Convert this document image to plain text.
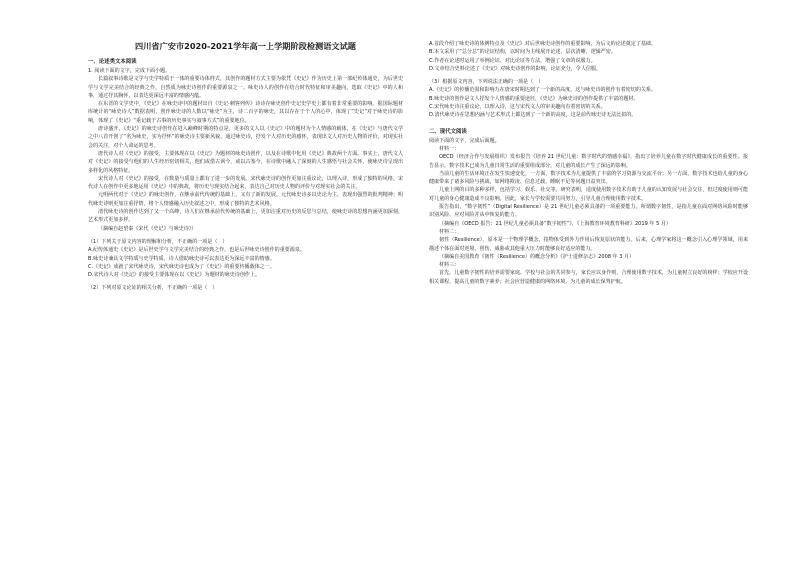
四川省广安市2020-2021学年高一上学期阶段检测语文试题

一、论述类文本阅读

1. 阅读下面的文字，完成下面小题。

长篇叙事诗歌是文学与史学特质于一体的重要诗体样式，其创作的题材方式主要为依凭《史记》作为历史上第一部纪传体通史，为后世史学与文学完美结合的经典之作，自然成为咏史诗创作的重要源泉之一。咏史诗人的创作在结合时代特征和审美趣向，选取《史记》中的人和事，通过抒其胸怀，以表达更深远丰富的情感内蕴。

在东晋的文学史中，《史记》在咏史诗中的题材出自《史记·刺客列传》诗诗存咏史创作史记史学史上都有着非常重要的影响。据国际题材库统计的“咏史诗人”数据表明，创作咏史诗的人数以“咏史”为主，诗二百字的咏史，其以存在于个人的心中，体现了“史记”对于咏史诗的影响，体现了《史记》“重记载于古事的历史事实与叙事方式”的重要地位。

唐诗盛开，《史记》的咏史诗创作在进入巅峰时期的特点是，更多的文人以《史记》中的题材为个人情感的载体，在《史记》与唐代文学之中八首开创了“名为咏史，实为抒怀”的咏史诗主要新风貌。通过咏史诗，抒发个人对历史的感怀，表现出文人对历史人物的评价，对现实社会的关注，对个人命运的思考。

唐代诗人对《史记》的接受，主要体现在以《史记》为题材的咏史诗创作，以及在诗歌中化用《史记》典故两个方面。事实上，唐代文人对《史记》的接受与他们的人生经历密切相关，他们或借古讽今，或以古鉴今，在诗歌中融入了深刻的人生感悟与社会关怀，使咏史诗呈现出多样化的风格特征。

宋代诗人对《史记》的接受，在数量与质量上都有了进一步的发展。宋代咏史诗的创作更加注重议论，以理入诗，形成了独特的风格。宋代诗人在创作中更多地运用《史记》中的典故，将历史与现实结合起来，表达自己对历史人物的评价与对现实社会的关注。

元明两代对于《史记》的咏史创作，在继承前代传统的基础上，又有了新的发展。元代咏史诗多以史论为主，表现出强烈的批判精神；明代咏史诗则更加注重抒情，将个人情感融入历史叙述之中，形成了独特的艺术风格。

清代咏史诗的创作达到了又一个高峰，诗人们在继承前代传统的基础上，更加注重对历史的反思与总结，使咏史诗的思想内涵更加深刻，艺术形式更加多样。

（摘编自赵望秦《宋代《史记》与咏史诗》）

（1）下列关于原文内容的理解和分析，不正确的一项是（　）

A.纪传体通史《史记》是后世史学与文学完美结合的经典之作，也是后世咏史诗创作的重要源泉。

B.咏史诗兼具文学特质与史学特质，诗人借助咏史诗可以表达更为深远丰富的情感。

C.《史记》成就了宋代咏史诗，宋代咏史诗也成为了《史记》的重要传播载体之一。

D.宋代诗人对《史记》的接受主要体现在以《史记》为题材的咏史诗创作上。

（2）下列对原文论证的相关分析，不正确的一项是（　）

A.首段介绍了咏史诗的体例特点及《史记》对后世咏史诗创作的重要影响，为后文的论述奠定了基础。

B.本文采用了“总分总”的论证结构，以时间为主线展开论述，层次清晰，逻辑严密。

C.作者在论述时运用了举例论证、对比论证等方法，增强了文章的说服力。

D.文章结合史料论述了《史记》对咏史诗创作的影响，论证充分，令人信服。

（3）根据原文内容，下列说法正确的一项是（　）

A.《史记》的传播范围和影响力在唐宋时期达到了一个新的高度，这与咏史诗的创作有着密切的关系。

B.咏史诗的创作是文人抒发个人情感的重要途径，《史记》为咏史诗的创作提供了丰富的题材。

C.宋代咏史诗注重议论，以理入诗，这与宋代文人的审美趣向有着密切的关系。

D.清代咏史诗在思想内涵与艺术形式上都达到了一个新的高度，这是前代咏史诗无法比拟的。

二、现代文阅读

阅读下面的文字，完成后面题。

材料一：

OECD（经济合作与发展组织）发布报告《培养 21 世纪儿童：数字时代的情感幸福》，指出了培养儿童在数字时代健康成长的重要性。报告显示，数字技术已成为儿童日常生活的重要组成部分，对儿童的成长产生了深远的影响。

当前儿童的生活环境正在发生快速变化，一方面，数字技术为儿童提供了丰富的学习资源与交流平台；另一方面，数字技术也给儿童的身心健康带来了诸多风险与挑战，如网络欺凌、信息过载、睡眠不足等问题日益突出。

儿童上网的目的多种多样，包括学习、娱乐、社交等。研究表明，适度使用数字技术有助于儿童的认知发展与社会交往，但过度使用则可能对儿童的身心健康造成不良影响。因此，家长与学校需要共同努力，引导儿童合理使用数字技术。

报告指出，“数字韧性”（Digital Resilience）是 21 世纪儿童必须具备的一项重要能力。所谓数字韧性，是指儿童在面对网络风险时能够识别风险、应对风险并从中恢复的能力。

（摘编自《OECD 报告：21 世纪儿童必须具备“数字韧性”》，《上海教育环境教育科研》2019 年 5 月）

材料二：

韧性（Resilience），原本是一个物理学概念，指物体受到外力作用后恢复原状的能力。后来，心理学家将这一概念引入心理学领域，用来描述个体在面对逆境、创伤、威胁或其他重大压力时能够良好适应的能力。

（摘编自美国教育《韧性（Resilience）的概念分析》《护士进修杂志》2008 年 3 月）

材料三：

首先，儿童数字韧性的培养需要家庭、学校与社会的共同参与，家长应以身作则，合理使用数字技术，为儿童树立良好的榜样；学校应开设相关课程，提高儿童的数字素养；社会应营造健康的网络环境，为儿童的成长保驾护航。
